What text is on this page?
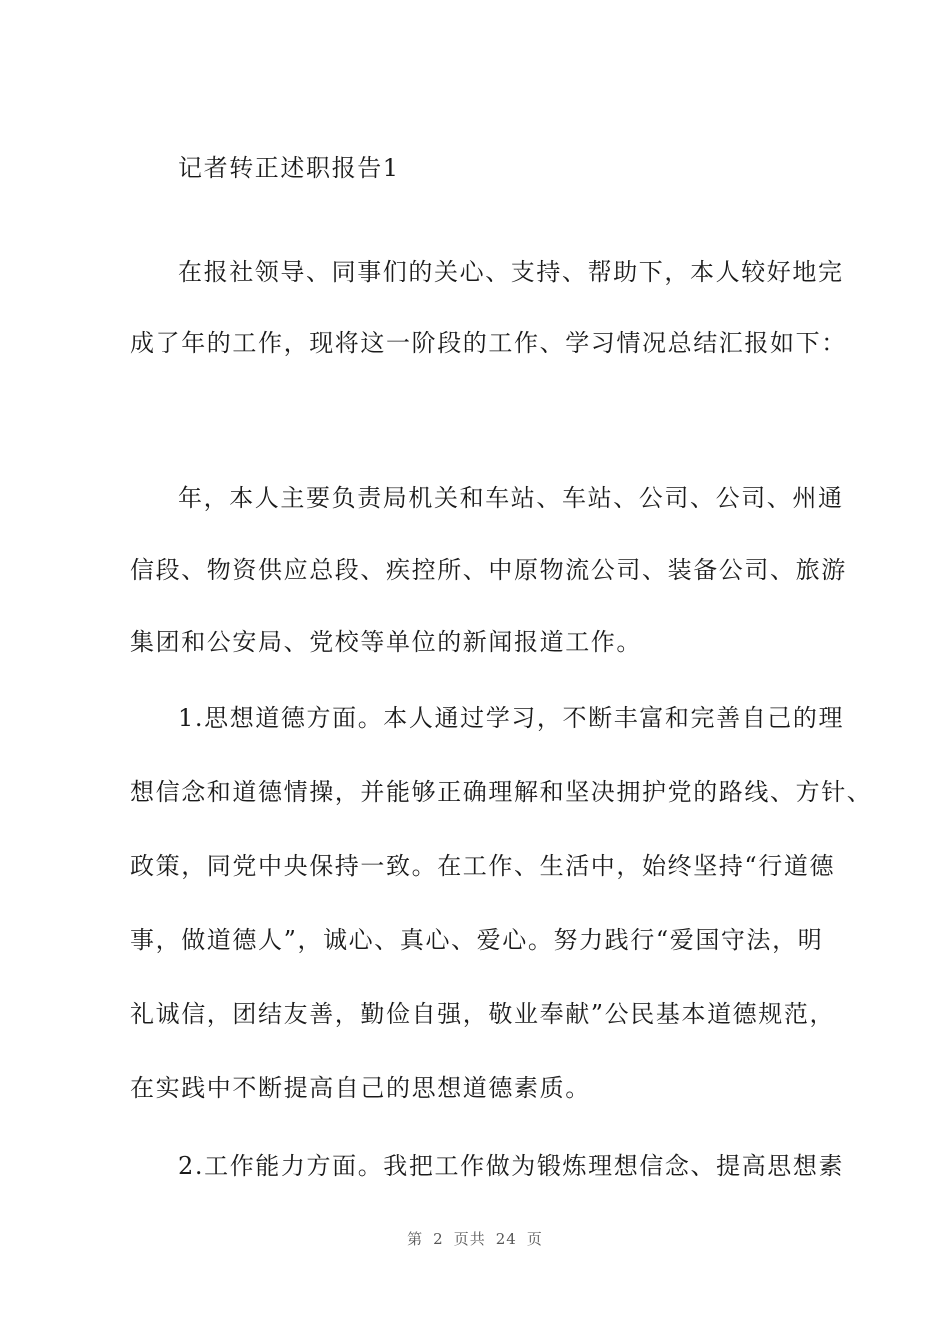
记者转正述职报告1
在报社领导、同事们的关心、支持、帮助下，本人较好地完
成了年的工作，现将这一阶段的工作、学习情况总结汇报如下：
年，本人主要负责局机关和车站、车站、公司、公司、州通
信段、物资供应总段、疾控所、中原物流公司、装备公司、旅游
集团和公安局、党校等单位的新闻报道工作。
1.思想道德方面。本人通过学习，不断丰富和完善自己的理
想信念和道德情操，并能够正确理解和坚决拥护党的路线、方针、
政策，同党中央保持一致。在工作、生活中，始终坚持“行道德
事，做道德人”，诚心、真心、爱心。努力践行“爱国守法，明
礼诚信，团结友善，勤俭自强，敬业奉献”公民基本道德规范，
在实践中不断提高自己的思想道德素质。
2.工作能力方面。我把工作做为锻炼理想信念、提高思想素
第 2 页共 24 页
